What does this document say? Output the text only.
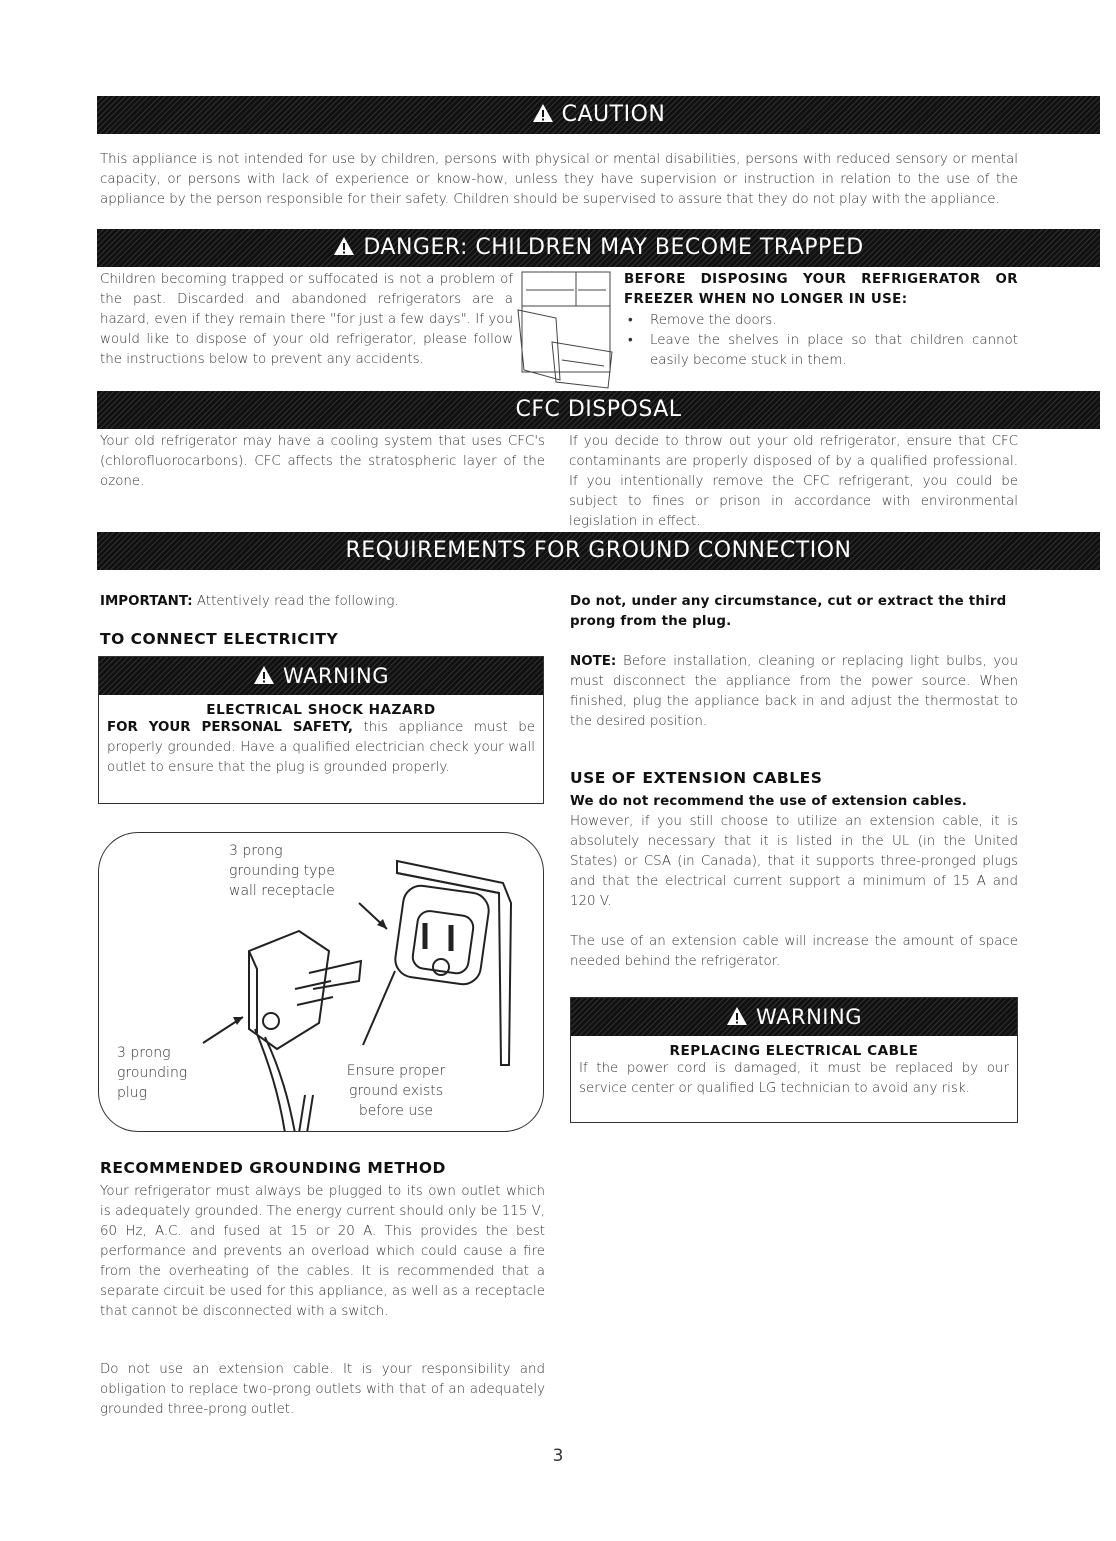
CAUTION
This appliance is not intended for use by children, persons with physical or mental disabilities, persons with reduced sensory or mental capacity, or persons with lack of experience or know-how, unless they have supervision or instruction in relation to the use of the appliance by the person responsible for their safety. Children should be supervised to assure that they do not play with the appliance.
DANGER: CHILDREN MAY BECOME TRAPPED
Children becoming trapped or suffocated is not a problem of the past. Discarded and abandoned refrigerators are a hazard, even if they remain there "for just a few days". If you would like to dispose of your old refrigerator, please follow the instructions below to prevent any accidents.
BEFORE DISPOSING YOUR REFRIGERATOR OR FREEZER WHEN NO LONGER IN USE:
• Remove the doors.
• Leave the shelves in place so that children cannot easily become stuck in them.
CFC DISPOSAL
Your old refrigerator may have a cooling system that uses CFC's (chlorofluorocarbons). CFC affects the stratospheric layer of the ozone.
If you decide to throw out your old refrigerator, ensure that CFC contaminants are properly disposed of by a qualified professional. If you intentionally remove the CFC refrigerant, you could be subject to fines or prison in accordance with environmental legislation in effect.
REQUIREMENTS FOR GROUND CONNECTION
IMPORTANT: Attentively read the following.
TO CONNECT ELECTRICITY
WARNING
ELECTRICAL SHOCK HAZARD
FOR YOUR PERSONAL SAFETY, this appliance must be properly grounded. Have a qualified electrician check your wall outlet to ensure that the plug is grounded properly.
3 prong
grounding type
wall receptacle
3 prong
grounding
plug
Ensure proper
ground exists
before use
RECOMMENDED GROUNDING METHOD
Your refrigerator must always be plugged to its own outlet which is adequately grounded. The energy current should only be 115 V, 60 Hz, A.C. and fused at 15 or 20 A. This provides the best performance and prevents an overload which could cause a fire from the overheating of the cables. It is recommended that a separate circuit be used for this appliance, as well as a receptacle that cannot be disconnected with a switch.
Do not use an extension cable. It is your responsibility and obligation to replace two-prong outlets with that of an adequately grounded three-prong outlet.
Do not, under any circumstance, cut or extract the third prong from the plug.
NOTE: Before installation, cleaning or replacing light bulbs, you must disconnect the appliance from the power source. When finished, plug the appliance back in and adjust the thermostat to the desired position.
USE OF EXTENSION CABLES
We do not recommend the use of extension cables.
However, if you still choose to utilize an extension cable, it is absolutely necessary that it is listed in the UL (in the United States) or CSA (in Canada), that it supports three-pronged plugs and that the electrical current support a minimum of 15 A and 120 V.
The use of an extension cable will increase the amount of space needed behind the refrigerator.
WARNING
REPLACING ELECTRICAL CABLE
If the power cord is damaged, it must be replaced by our service center or qualified LG technician to avoid any risk.
3
